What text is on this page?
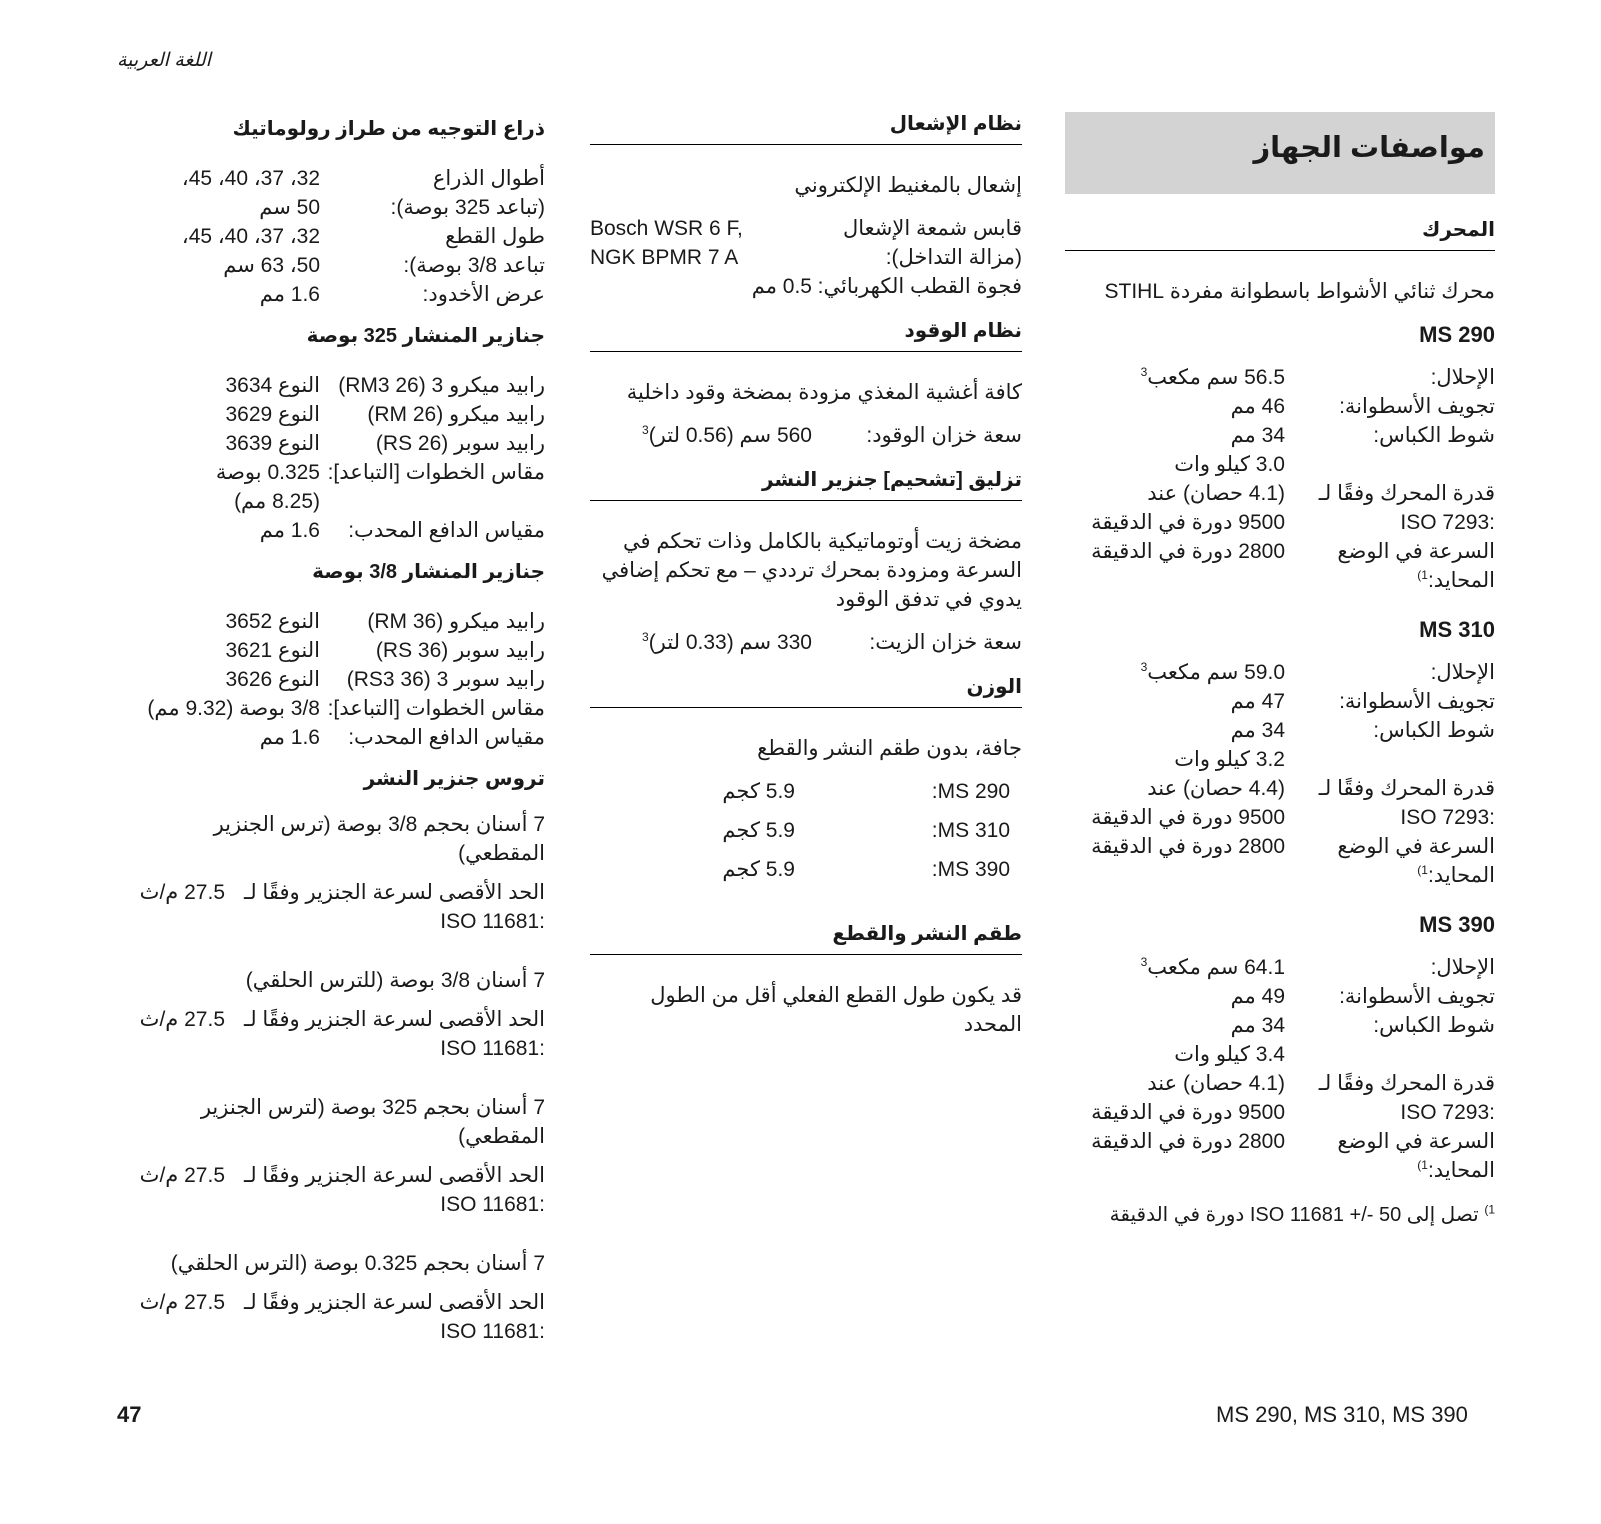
اللغة العربية
مواصفات الجهاز
المحرك
محرك ثنائي الأشواط باسطوانة مفردة STIHL
MS 290
الإحلال:
56.5 سم مكعب$^3$
تجويف الأسطوانة:
46 مم
شوط الكباس:
34 مم
3.0 كيلو وات
قدرة المحرك وفقًا لـ
(4.1 حصان) عند
:ISO 7293
9500 دورة في الدقيقة
السرعة في الوضع
2800 دورة في الدقيقة
المحايد:$^{1)}$
MS 310
الإحلال:
59.0 سم مكعب$^3$
تجويف الأسطوانة:
47 مم
شوط الكباس:
34 مم
3.2 كيلو وات
قدرة المحرك وفقًا لـ
(4.4 حصان) عند
:ISO 7293
9500 دورة في الدقيقة
السرعة في الوضع
2800 دورة في الدقيقة
المحايد:$^{1)}$
MS 390
الإحلال:
64.1 سم مكعب$^3$
تجويف الأسطوانة:
49 مم
شوط الكباس:
34 مم
3.4 كيلو وات
قدرة المحرك وفقًا لـ
(4.1 حصان) عند
:ISO 7293
9500 دورة في الدقيقة
السرعة في الوضع
2800 دورة في الدقيقة
المحايد:$^{1)}$
$^{1)}$ تصل إلى 50 -/+ ISO 11681 دورة في الدقيقة
نظام الإشعال
إشعال بالمغنيط الإلكتروني
قابس شمعة الإشعال (مزالة التداخل):
Bosch WSR 6 F,
NGK BPMR 7 A
فجوة القطب الكهربائي:
0.5 مم
نظام الوقود
كافة أغشية المغذي مزودة بمضخة وقود داخلية
سعة خزان الوقود:
560 سم (0.56 لتر)$^3$
تزليق [تشحيم] جنزير النشر
مضخة زيت أوتوماتيكية بالكامل وذات تحكم في السرعة ومزودة بمحرك ترددي – مع تحكم إضافي يدوي في تدفق الوقود
سعة خزان الزيت:
330 سم (0.33 لتر)$^3$
الوزن
جافة، بدون طقم النشر والقطع
MS 290:
5.9 كجم
MS 310:
5.9 كجم
MS 390:
5.9 كجم
طقم النشر والقطع
قد يكون طول القطع الفعلي أقل من الطول المحدد
ذراع التوجيه من طراز رولوماتيك
أطوال الذراع
32، 37، 40، 45،
(تباعد 325 بوصة):
50 سم
طول القطع
32، 37، 40، 45،
تباعد 3/8 بوصة):
50، 63 سم
عرض الأخدود:
1.6 مم
جنازير المنشار 325 بوصة
رابيد ميكرو 3 (RM3 26)
النوع 3634
رابيد ميكرو (RM 26)
النوع 3629
رابيد سوبر (RS 26)
النوع 3639
مقاس الخطوات [التباعد]:
0.325 بوصة
(8.25 مم)
مقياس الدافع المحدب:
1.6 مم
جنازير المنشار 3/8 بوصة
رابيد ميكرو (RM 36)
النوع 3652
رابيد سوبر (RS 36)
النوع 3621
رابيد سوبر 3 (RS3 36)
النوع 3626
مقاس الخطوات [التباعد]:
3/8 بوصة (9.32 مم)
مقياس الدافع المحدب:
1.6 مم
تروس جنزير النشر
7 أسنان بحجم 3/8 بوصة (ترس الجنزير المقطعي)
الحد الأقصى لسرعة الجنزير وفقًا لـ
27.5 م/ث
:ISO 11681
7 أسنان 3/8 بوصة (للترس الحلقي)
الحد الأقصى لسرعة الجنزير وفقًا لـ
27.5 م/ث
:ISO 11681
7 أسنان بحجم 325 بوصة (لترس الجنزير المقطعي)
الحد الأقصى لسرعة الجنزير وفقًا لـ
27.5 م/ث
:ISO 11681
7 أسنان بحجم 0.325 بوصة (الترس الحلقي)
الحد الأقصى لسرعة الجنزير وفقًا لـ
27.5 م/ث
:ISO 11681
47	MS 290, MS 310, MS 390
